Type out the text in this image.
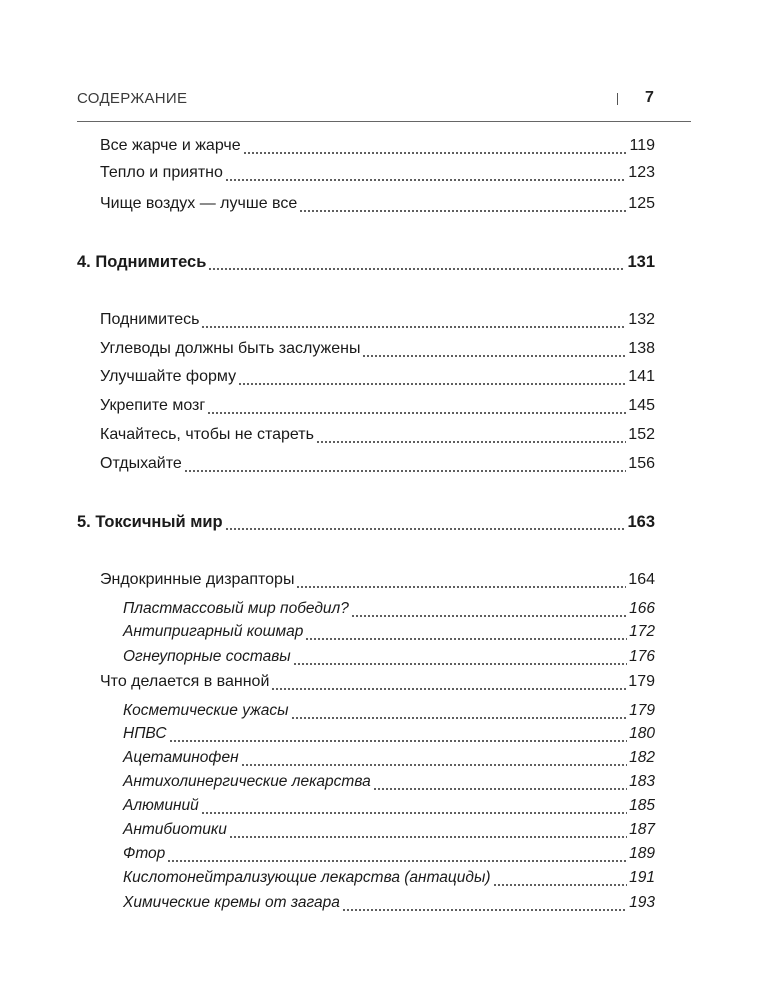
СОДЕРЖАНИЕ	7
Все жарче и жарче	119
Тепло и приятно	123
Чище воздух — лучше все	125
4. Поднимитесь	131
Поднимитесь	132
Углеводы должны быть заслужены	138
Улучшайте форму	141
Укрепите мозг	145
Качайтесь, чтобы не стареть	152
Отдыхайте	156
5. Токсичный мир	163
Эндокринные дизрапторы	164
Пластмассовый мир победил?	166
Антипригарный кошмар	172
Огнеупорные составы	176
Что делается в ванной	179
Косметические ужасы	179
НПВС	180
Ацетаминофен	182
Антихолинергические лекарства	183
Алюминий	185
Антибиотики	187
Фтор	189
Кислотонейтрализующие лекарства (антациды)	191
Химические кремы от загара	193
